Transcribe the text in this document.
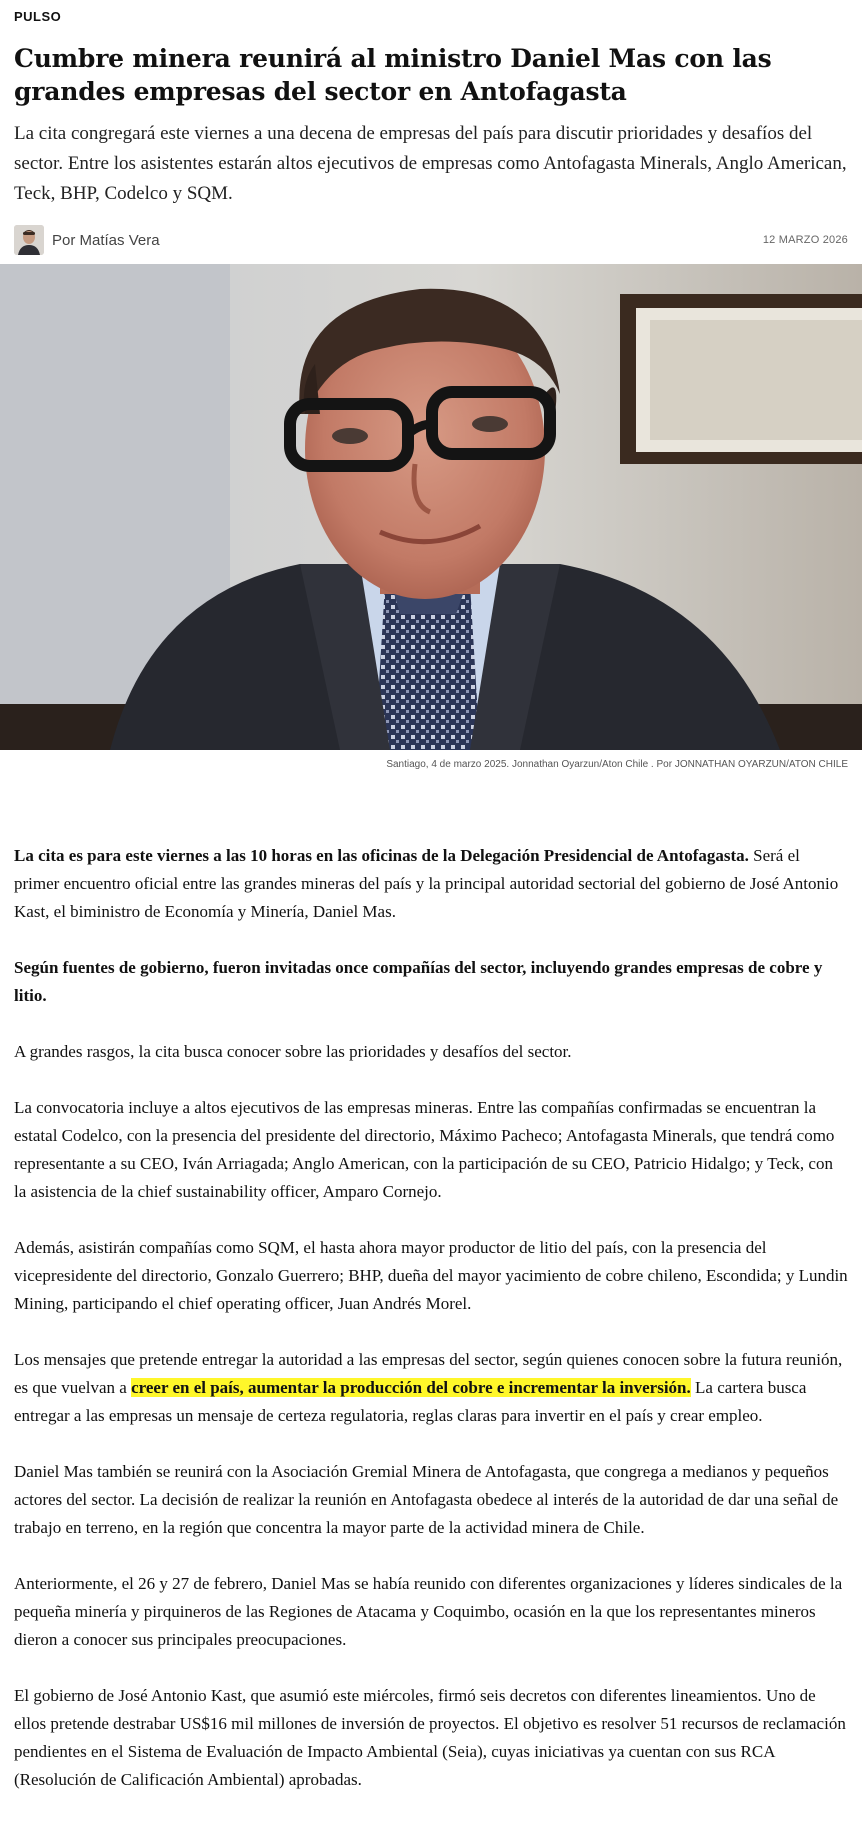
PULSO
Cumbre minera reunirá al ministro Daniel Mas con las grandes empresas del sector en Antofagasta

La cita congregará este viernes a una decena de empresas del país para discutir prioridades y desafíos del sector. Entre los asistentes estarán altos ejecutivos de empresas como Antofagasta Minerals, Anglo American, Teck, BHP, Codelco y SQM.

Por Matías Vera	12 MARZO 2026
Santiago, 4 de marzo 2025. Jonnathan Oyarzun/Aton Chile . Por JONNATHAN OYARZUN/ATON CHILE

La cita es para este viernes a las 10 horas en las oficinas de la Delegación Presidencial de Antofagasta. Será el primer encuentro oficial entre las grandes mineras del país y la principal autoridad sectorial del gobierno de José Antonio Kast, el biministro de Economía y Minería, Daniel Mas.

Según fuentes de gobierno, fueron invitadas once compañías del sector, incluyendo grandes empresas de cobre y litio.

A grandes rasgos, la cita busca conocer sobre las prioridades y desafíos del sector.

La convocatoria incluye a altos ejecutivos de las empresas mineras. Entre las compañías confirmadas se encuentran la estatal Codelco, con la presencia del presidente del directorio, Máximo Pacheco; Antofagasta Minerals, que tendrá como representante a su CEO, Iván Arriagada; Anglo American, con la participación de su CEO, Patricio Hidalgo; y Teck, con la asistencia de la chief sustainability officer, Amparo Cornejo.

Además, asistirán compañías como SQM, el hasta ahora mayor productor de litio del país, con la presencia del vicepresidente del directorio, Gonzalo Guerrero; BHP, dueña del mayor yacimiento de cobre chileno, Escondida; y Lundin Mining, participando el chief operating officer, Juan Andrés Morel.

Los mensajes que pretende entregar la autoridad a las empresas del sector, según quienes conocen sobre la futura reunión, es que vuelvan a creer en el país, aumentar la producción del cobre e incrementar la inversión. La cartera busca entregar a las empresas un mensaje de certeza regulatoria, reglas claras para invertir en el país y crear empleo.

Daniel Mas también se reunirá con la Asociación Gremial Minera de Antofagasta, que congrega a medianos y pequeños actores del sector. La decisión de realizar la reunión en Antofagasta obedece al interés de la autoridad de dar una señal de trabajo en terreno, en la región que concentra la mayor parte de la actividad minera de Chile.

Anteriormente, el 26 y 27 de febrero, Daniel Mas se había reunido con diferentes organizaciones y líderes sindicales de la pequeña minería y pirquineros de las Regiones de Atacama y Coquimbo, ocasión en la que los representantes mineros dieron a conocer sus principales preocupaciones.

El gobierno de José Antonio Kast, que asumió este miércoles, firmó seis decretos con diferentes lineamientos. Uno de ellos pretende destrabar US$16 mil millones de inversión de proyectos. El objetivo es resolver 51 recursos de reclamación pendientes en el Sistema de Evaluación de Impacto Ambiental (Seia), cuyas iniciativas ya cuentan con sus RCA (Resolución de Calificación Ambiental) aprobadas.
